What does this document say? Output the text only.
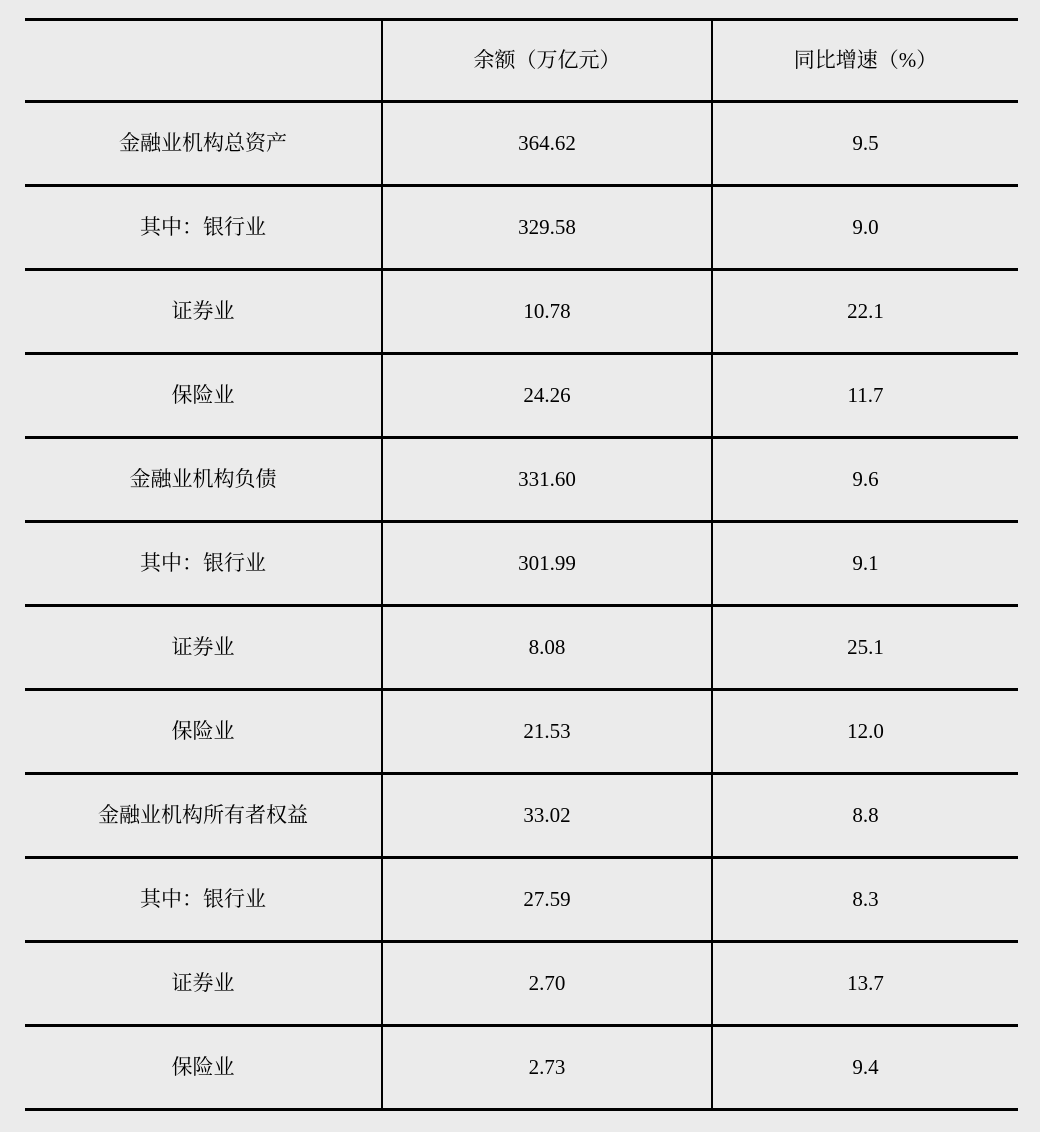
	余额（万亿元）	同比增速（%）
金融业机构总资产	364.62	9.5
其中：银行业	329.58	9.0
证券业	10.78	22.1
保险业	24.26	11.7
金融业机构负债	331.60	9.6
其中：银行业	301.99	9.1
证券业	8.08	25.1
保险业	21.53	12.0
金融业机构所有者权益	33.02	8.8
其中：银行业	27.59	8.3
证券业	2.70	13.7
保险业	2.73	9.4
